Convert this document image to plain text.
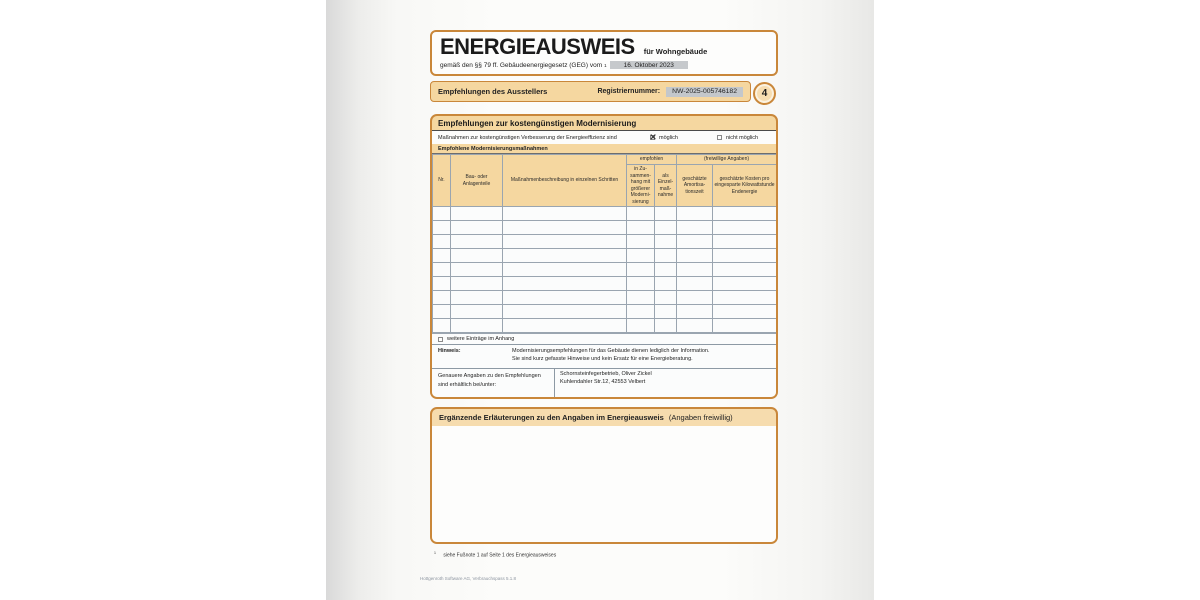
ENERGIEAUSWEIS für Wohngebäude
gemäß den §§ 79 ff. Gebäudeenergiegesetz (GEG) vom 1	16. Oktober 2023
Empfehlungen des Ausstellers	Registriernummer:	NW-2025-005746182
Empfehlungen zur kostengünstigen Modernisierung
Maßnahmen zur kostengünstigen Verbesserung der Energieeffizienz sind	✕ möglich	nicht möglich
Empfohlene Modernisierungsmaßnahmen
Nr.	Bau- oder Anlagenteile	Maßnahmenbeschreibung in einzelnen Schritten	empfohlen		(freiwillige Angaben)	
			in Zu- sammen- hang mit größerer Moderni- sierung	als Einzel- maß- nahme	geschätzte Amortisa- tionszeit	geschätzte Kosten pro eingesparte Kilowattstunde Endenergie

weitere Einträge im Anhang
Hinweis:	Modernisierungsempfehlungen für das Gebäude dienen lediglich der Information.
Sie sind kurz gefasste Hinweise und kein Ersatz für eine Energieberatung.
Genauere Angaben zu den Empfehlungen
sind erhältlich bei/unter:
Schornsteinfegerbetrieb, Oliver Zickel
Kuhlendahler Str.12, 42553 Velbert
Ergänzende Erläuterungen zu den Angaben im Energieausweis (Angaben freiwillig)
$^1$ siehe Fußnote 1 auf Seite 1 des Energieausweises
4
Hottgenroth Software AG, Verbrauchspass 5.1.8
